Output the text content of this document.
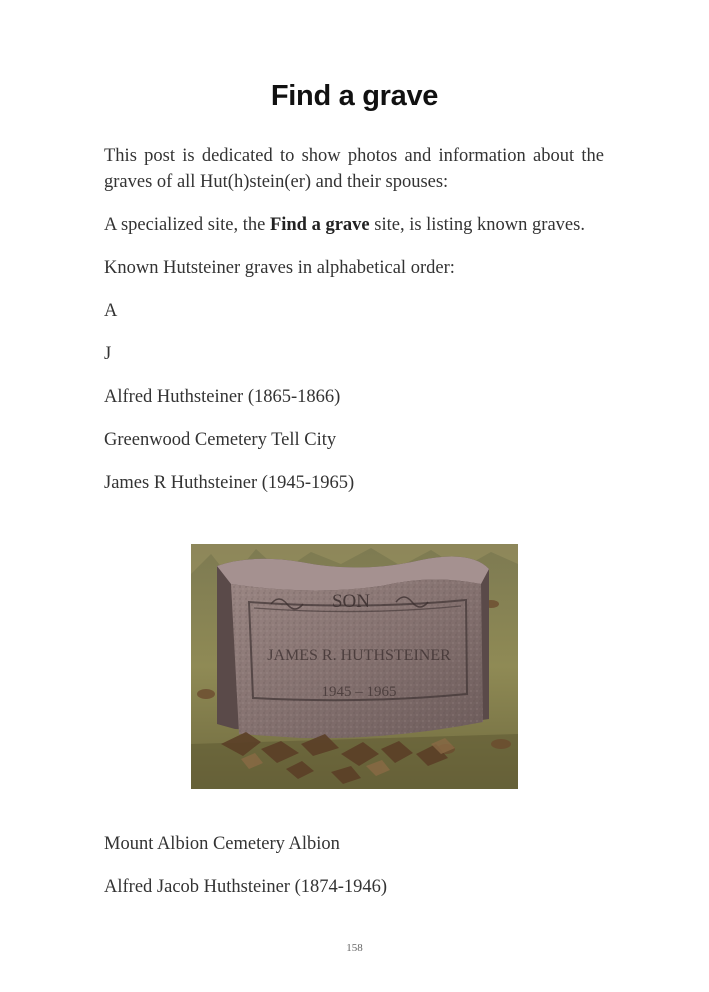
Find a grave

This post is dedicated to show photos and information about the graves of all Hut(h)stein(er) and their spouses:

A specialized site, the Find a grave site, is listing known graves.

Known Hutsteiner graves in alphabetical order:

A

J

Alfred Huthsteiner (1865-1866)

Greenwood Cemetery Tell City

James R Huthsteiner (1945-1965)

SON
JAMES R. HUTHSTEINER
1945 – 1965

Mount Albion Cemetery Albion

Alfred Jacob Huthsteiner (1874-1946)

158
